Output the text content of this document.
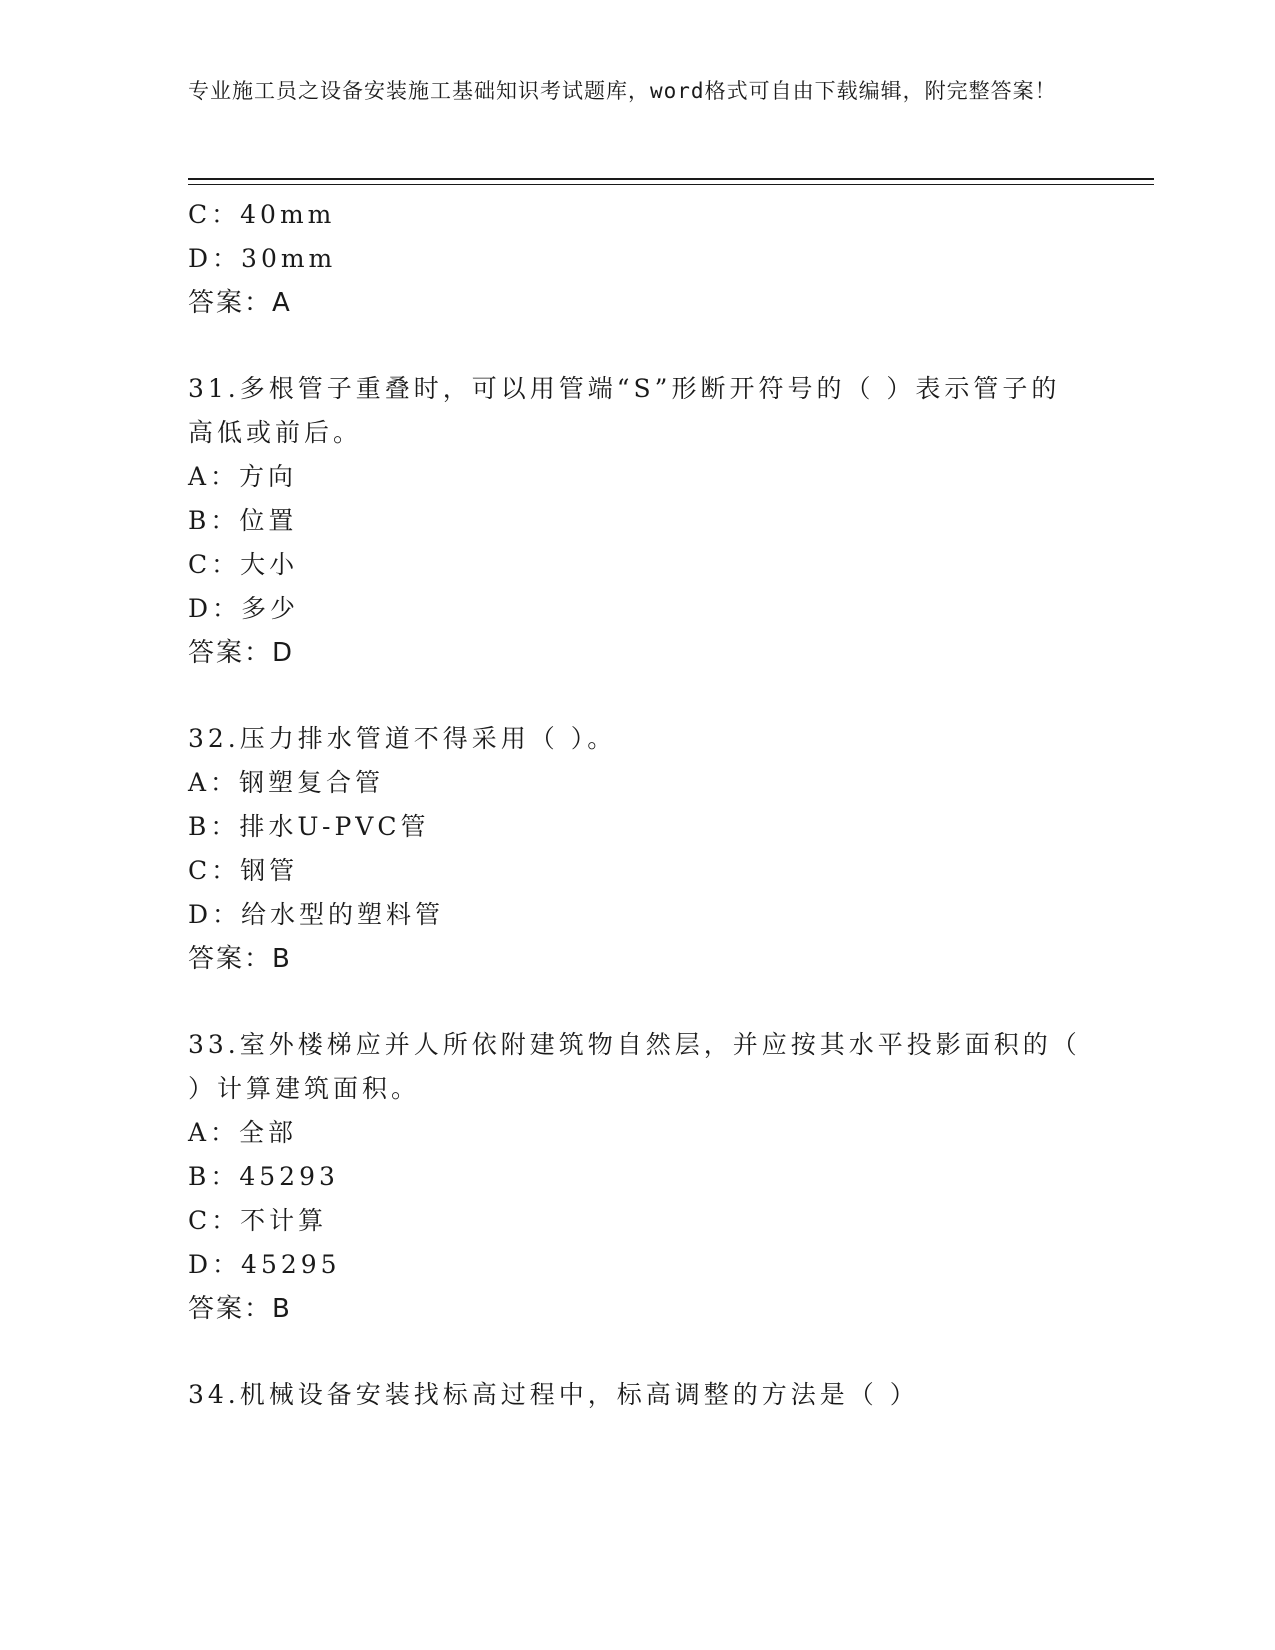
专业施工员之设备安装施工基础知识考试题库，word格式可自由下载编辑，附完整答案！
C：40mm
D：30mm
答案：A
31.多根管子重叠时，可以用管端“S”形断开符号的（ ）表示管子的
高低或前后。
A：方向
B：位置
C：大小
D：多少
答案：D
32.压力排水管道不得采用（ ）。
A：钢塑复合管
B：排水U-PVC管
C：钢管
D：给水型的塑料管
答案：B
33.室外楼梯应并人所依附建筑物自然层，并应按其水平投影面积的（
）计算建筑面积。
A：全部
B：45293
C：不计算
D：45295
答案：B
34.机械设备安装找标高过程中，标高调整的方法是（ ）
